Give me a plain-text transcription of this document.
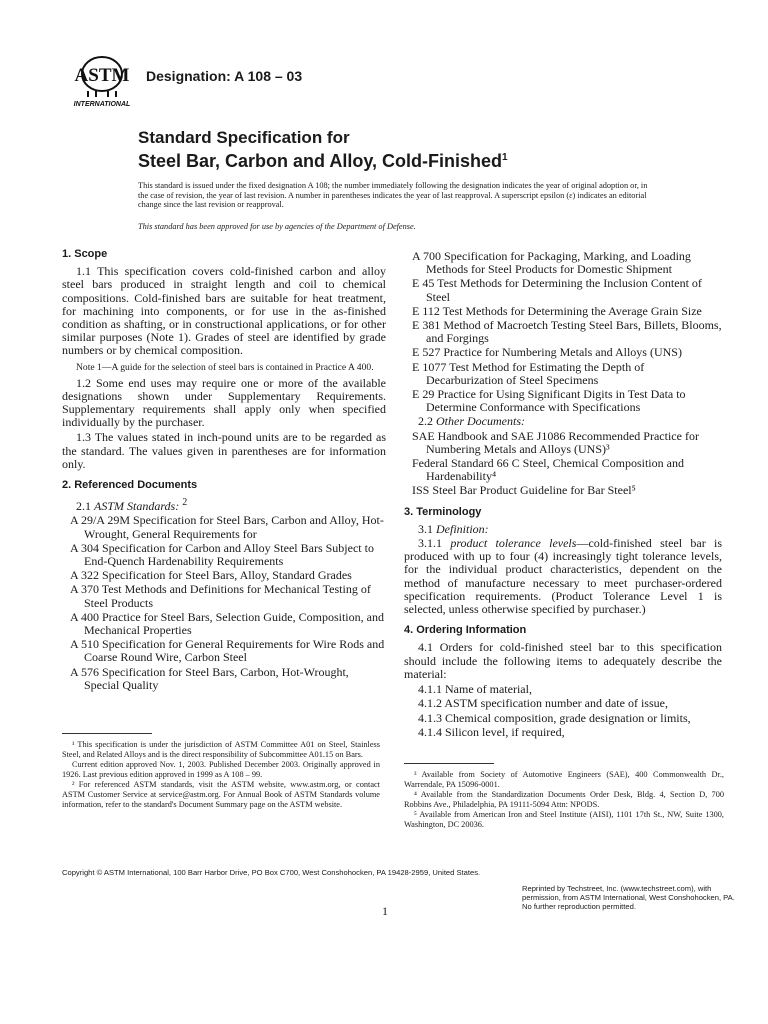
ASTM
INTERNATIONAL
Designation: A 108 – 03
Standard Specification for
Steel Bar, Carbon and Alloy, Cold-Finished$^1$
This standard is issued under the fixed designation A 108; the number immediately following the designation indicates the year of original adoption or, in the case of revision, the year of last revision. A number in parentheses indicates the year of last reapproval. A superscript epsilon (ε) indicates an editorial change since the last revision or reapproval.
This standard has been approved for use by agencies of the Department of Defense.
1. Scope
1.1 This specification covers cold-finished carbon and alloy steel bars produced in straight length and coil to chemical compositions. Cold-finished bars are suitable for heat treatment, for machining into components, or for use in the as-finished condition as shafting, or in constructional applications, or for other similar purposes (Note 1). Grades of steel are identified by grade numbers or by chemical composition.
Note 1—A guide for the selection of steel bars is contained in Practice A 400.
1.2 Some end uses may require one or more of the available designations shown under Supplementary Requirements. Supplementary requirements shall apply only when specified individually by the purchaser.
1.3 The values stated in inch-pound units are to be regarded as the standard. The values given in parentheses are for information only.
2. Referenced Documents
2.1 ASTM Standards: $^2$
A 29/A 29M Specification for Steel Bars, Carbon and Alloy, Hot-Wrought, General Requirements for
A 304 Specification for Carbon and Alloy Steel Bars Subject to End-Quench Hardenability Requirements
A 322 Specification for Steel Bars, Alloy, Standard Grades
A 370 Test Methods and Definitions for Mechanical Testing of Steel Products
A 400 Practice for Steel Bars, Selection Guide, Composition, and Mechanical Properties
A 510 Specification for General Requirements for Wire Rods and Coarse Round Wire, Carbon Steel
A 576 Specification for Steel Bars, Carbon, Hot-Wrought, Special Quality
A 700 Specification for Packaging, Marking, and Loading Methods for Steel Products for Domestic Shipment
E 45 Test Methods for Determining the Inclusion Content of Steel
E 112 Test Methods for Determining the Average Grain Size
E 381 Method of Macroetch Testing Steel Bars, Billets, Blooms, and Forgings
E 527 Practice for Numbering Metals and Alloys (UNS)
E 1077 Test Method for Estimating the Depth of Decarburization of Steel Specimens
E 29 Practice for Using Significant Digits in Test Data to Determine Conformance with Specifications
2.2 Other Documents:
SAE Handbook and SAE J1086 Recommended Practice for Numbering Metals and Alloys (UNS)³
Federal Standard 66 C Steel, Chemical Composition and Hardenability⁴
ISS Steel Bar Product Guideline for Bar Steel⁵
3. Terminology
3.1 Definition:
3.1.1 product tolerance levels—cold-finished steel bar is produced with up to four (4) increasingly tight tolerance levels, for the individual product characteristics, dependent on the method of manufacture necessary to meet purchaser-ordered specification requirements. (Product Tolerance Level 1 is selected, unless otherwise specified by purchaser.)
4. Ordering Information
4.1 Orders for cold-finished steel bar to this specification should include the following items to adequately describe the material:
4.1.1 Name of material,
4.1.2 ASTM specification number and date of issue,
4.1.3 Chemical composition, grade designation or limits,
4.1.4 Silicon level, if required,

¹ This specification is under the jurisdiction of ASTM Committee A01 on Steel, Stainless Steel, and Related Alloys and is the direct responsibility of Subcommittee A01.15 on Bars.

Current edition approved Nov. 1, 2003. Published December 2003. Originally approved in 1926. Last previous edition approved in 1999 as A 108 – 99.

² For referenced ASTM standards, visit the ASTM website, www.astm.org, or contact ASTM Customer Service at service@astm.org. For Annual Book of ASTM Standards volume information, refer to the standard's Document Summary page on the ASTM website.

³ Available from Society of Automotive Engineers (SAE), 400 Commonwealth Dr., Warrendale, PA 15096-0001.

⁴ Available from the Standardization Documents Order Desk, Bldg. 4, Section D, 700 Robbins Ave., Philadelphia, PA 19111-5094 Attn: NPODS.

⁵ Available from American Iron and Steel Institute (AISI), 1101 17th St., NW, Suite 1300, Washington, DC 20036.

Copyright © ASTM International, 100 Barr Harbor Drive, PO Box C700, West Conshohocken, PA 19428-2959, United States.
1
Reprinted by Techstreet, Inc. (www.techstreet.com), with permission, from ASTM International, West Conshohocken, PA. No further reproduction permitted.
